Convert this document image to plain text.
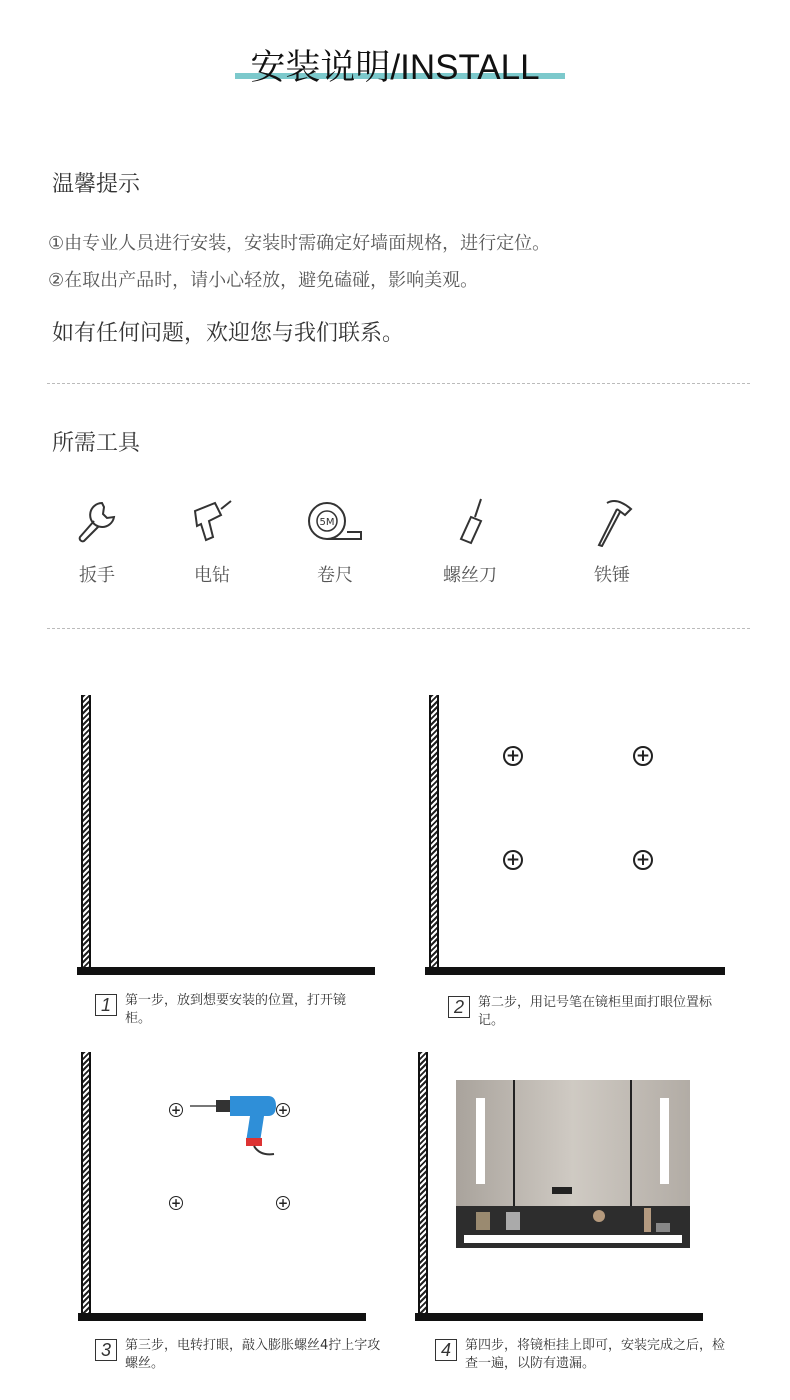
安装说明/INSTALL
温馨提示
①由专业人员进行安装，安装时需确定好墙面规格，进行定位。
②在取出产品时，请小心轻放，避免磕碰，影响美观。
如有任何问题，欢迎您与我们联系。
所需工具
扳手	电钻
5M
卷尺	螺丝刀	铁锤
1	第一步，放到想要安装的位置，打开镜柜。
+	+
+	+
2	第二步，用记号笔在镜柜里面打眼位置标记。
+	+
+	+
3	第三步，电转打眼，敲入膨胀螺丝4拧上字攻螺丝。
4	第四步，将镜柜挂上即可，安装完成之后，检查一遍，以防有遗漏。
